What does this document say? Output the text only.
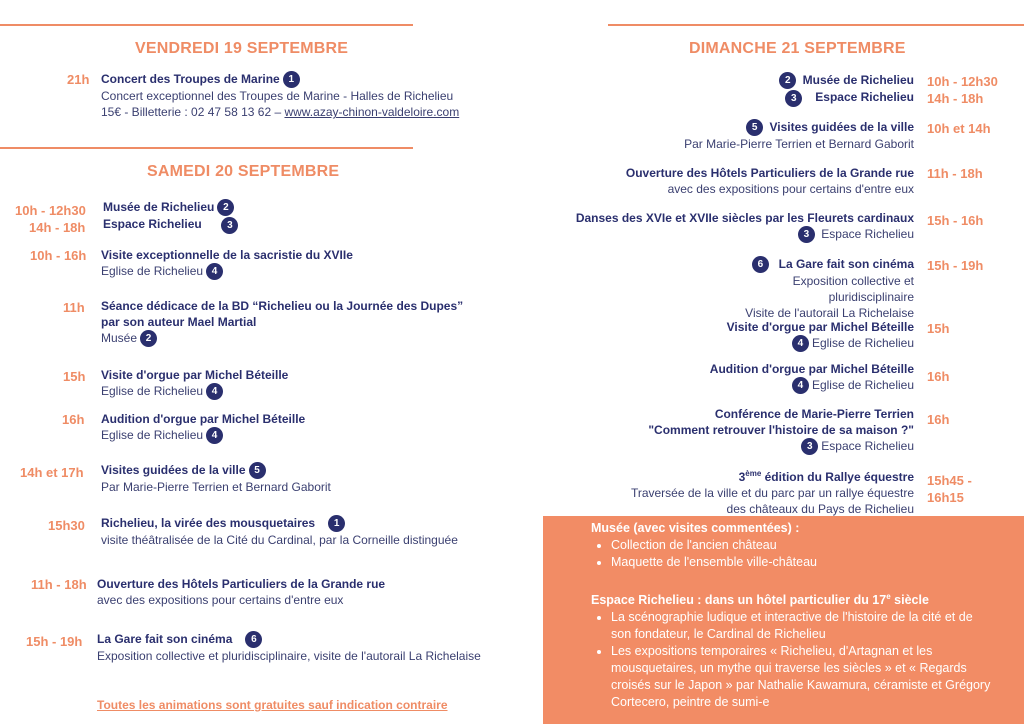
VENDREDI 19 SEPTEMBRE
21h Concert des Troupes de Marine 1
Concert exceptionnel des Troupes de Marine - Halles de Richelieu
15€ - Billetterie : 02 47 58 13 62 – www.azay-chinon-valdeloire.com
SAMEDI 20 SEPTEMBRE
10h - 12h30
14h - 18h
Musée de Richelieu 2
Espace Richelieu	3
10h - 16h Visite exceptionnelle de la sacristie du XVIIe
Eglise de Richelieu 4
11h Séance dédicace de la BD “Richelieu ou la Journée des Dupes”
par son auteur Mael Martial
Musée 2
15h Visite d'orgue par Michel Béteille
Eglise de Richelieu 4
16h Audition d'orgue par Michel Béteille
Eglise de Richelieu 4
14h et 17h Visites guidées de la ville 5
Par Marie-Pierre Terrien et Bernard Gaborit
15h30 Richelieu, la virée des mousquetaires 1
visite théâtralisée de la Cité du Cardinal, par la Corneille distinguée
11h - 18h Ouverture des Hôtels Particuliers de la Grande rue
avec des expositions pour certains d'entre eux
15h - 19h La Gare fait son cinéma 6
Exposition collective et pluridisciplinaire, visite de l'autorail La Richelaise
Toutes les animations sont gratuites sauf indication contraire
DIMANCHE 21 SEPTEMBRE
2 Musée de Richelieu
3 Espace Richelieu
10h - 12h30
14h - 18h
5 Visites guidées de la ville
Par Marie-Pierre Terrien et Bernard Gaborit
10h et 14h
Ouverture des Hôtels Particuliers de la Grande rue
avec des expositions pour certains d'entre eux
11h - 18h
Danses des XVIe et XVIIe siècles par les Fleurets cardinaux
3 Espace Richelieu
15h - 16h
6 La Gare fait son cinéma
Exposition collective et
pluridisciplinaire
Visite de l'autorail La Richelaise
15h - 19h
Visite d'orgue par Michel Béteille
4 Eglise de Richelieu
15h
Audition d'orgue par Michel Béteille
4 Eglise de Richelieu
16h
Conférence de Marie-Pierre Terrien
"Comment retrouver l'histoire de sa maison ?"
3 Espace Richelieu
16h
3ème édition du Rallye équestre
Traversée de la ville et du parc par un rallye équestre
des châteaux du Pays de Richelieu
15h45 -
16h15
Musée (avec visites commentées) :
• Collection de l'ancien château
• Maquette de l'ensemble ville-château
Espace Richelieu : dans un hôtel particulier du 17e siècle
• La scénographie ludique et interactive de l'histoire de la cité et de son fondateur, le Cardinal de Richelieu
• Les expositions temporaires « Richelieu, d'Artagnan et les mousquetaires, un mythe qui traverse les siècles » et « Regards croisés sur le Japon » par Nathalie Kawamura, céramiste et Grégory Cortecero, peintre de sumi-e
